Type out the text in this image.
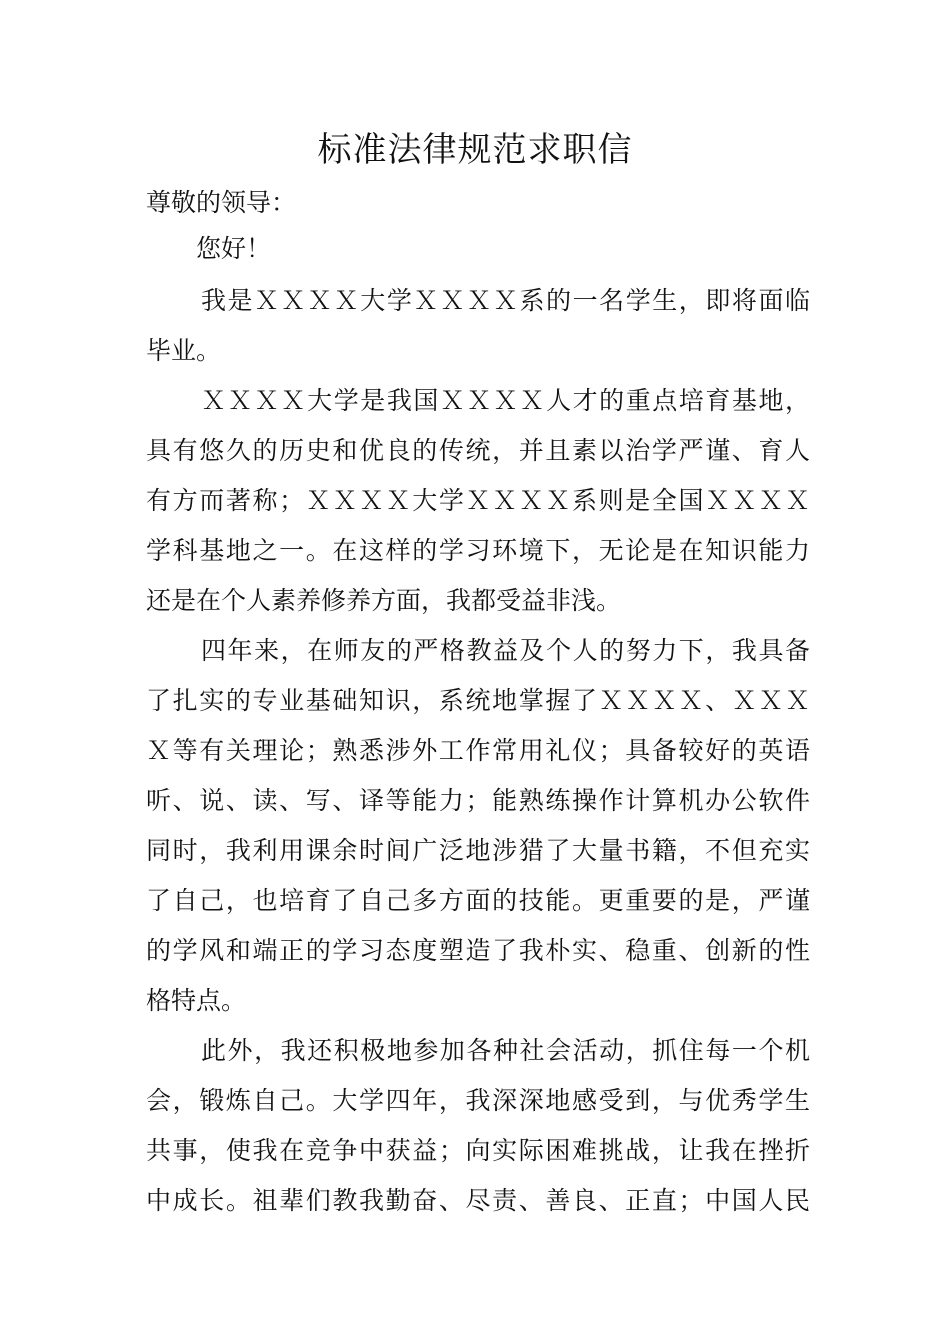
标准法律规范求职信
尊敬的领导：
您好！
我是ＸＸＸＸ大学ＸＸＸＸ系的一名学生，即将面临
毕业。
ＸＸＸＸ大学是我国ＸＸＸＸ人才的重点培育基地，
具有悠久的历史和优良的传统，并且素以治学严谨、育人
有方而著称；ＸＸＸＸ大学ＸＸＸＸ系则是全国ＸＸＸＸ
学科基地之一。在这样的学习环境下，无论是在知识能力
还是在个人素养修养方面，我都受益非浅。
四年来，在师友的严格教益及个人的努力下，我具备
了扎实的专业基础知识，系统地掌握了ＸＸＸＸ、ＸＸＸ
Ｘ等有关理论；熟悉涉外工作常用礼仪；具备较好的英语
听、说、读、写、译等能力；能熟练操作计算机办公软件
同时，我利用课余时间广泛地涉猎了大量书籍，不但充实
了自己，也培育了自己多方面的技能。更重要的是，严谨
的学风和端正的学习态度塑造了我朴实、稳重、创新的性
格特点。
此外，我还积极地参加各种社会活动，抓住每一个机
会，锻炼自己。大学四年，我深深地感受到，与优秀学生
共事，使我在竞争中获益；向实际困难挑战，让我在挫折
中成长。祖辈们教我勤奋、尽责、善良、正直；中国人民
